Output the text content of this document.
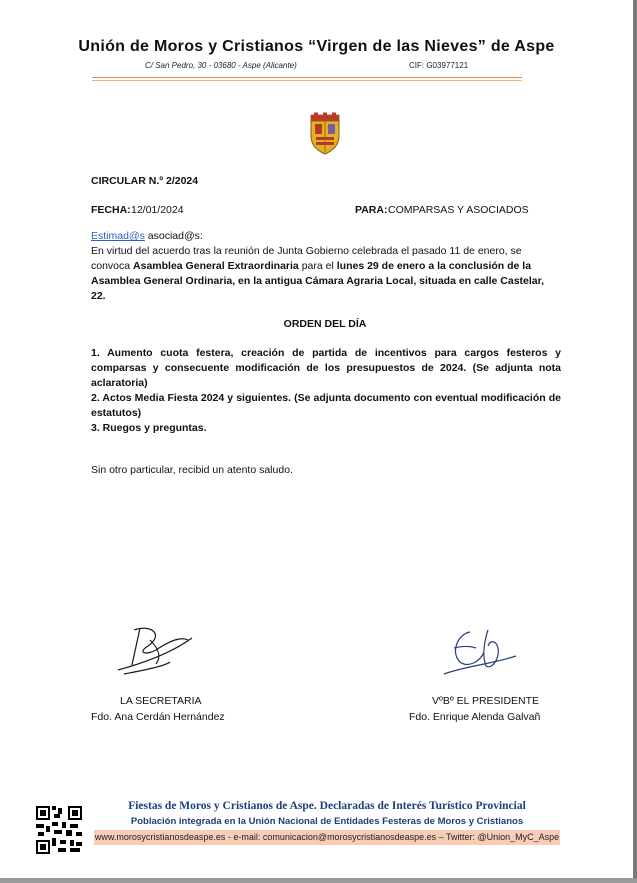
Unión de Moros y Cristianos “Virgen de las Nieves” de Aspe
C/ San Pedro, 30 - 03680 - Aspe (Alicante)	CIF: G03977121
CIRCULAR N.º 2/2024
FECHA: 12/01/2024	PARA: COMPARSAS Y ASOCIADOS
Estimad@s asociad@s:
En virtud del acuerdo tras la reunión de Junta Gobierno celebrada el pasado 11 de enero, se convoca Asamblea General Extraordinaria para el lunes 29 de enero a la conclusión de la Asamblea General Ordinaria, en la antigua Cámara Agraria Local, situada en calle Castelar, 22.
ORDEN DEL DÍA
1. Aumento cuota festera, creación de partida de incentivos para cargos festeros y comparsas y consecuente modificación de los presupuestos de 2024. (Se adjunta nota aclaratoria)
2. Actos Media Fiesta 2024 y siguientes. (Se adjunta documento con eventual modificación de estatutos)
3. Ruegos y preguntas.
Sin otro particular, recibid un atento saludo.
LA SECRETARIA
Fdo. Ana Cerdán Hernández
VºBº EL PRESIDENTE
Fdo. Enrique Alenda Galvañ
Fiestas de Moros y Cristianos de Aspe. Declaradas de Interés Turístico Provincial
Población integrada en la Unión Nacional de Entidades Festeras de Moros y Cristianos
www.morosycristianosdeaspe.es - e-mail: comunicacion@morosycristianosdeaspe.es – Twitter: @Union_MyC_Aspe
